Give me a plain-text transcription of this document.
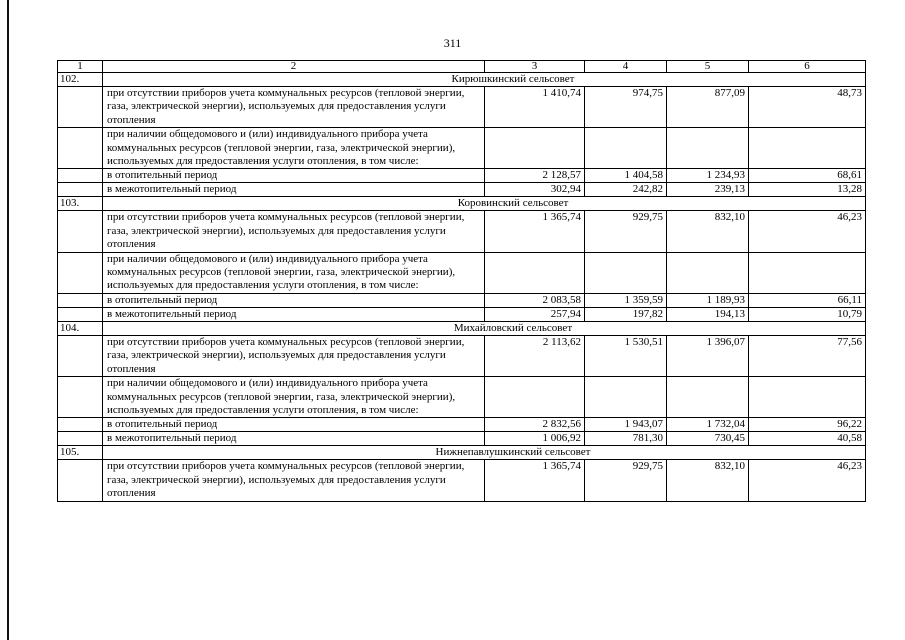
311
1	2	3	4	5	6
102.	Кирюшкинский сельсовет				
	при отсутствии приборов учета коммунальных ресурсов (тепловой энергии, газа, электрической энергии), используемых для предоставления услуги отопления	1 410,74	974,75	877,09	48,73
	при наличии общедомового и (или) индивидуального прибора учета коммунальных ресурсов (тепловой энергии, газа, электрической энергии), используемых для предоставления услуги отопления, в том числе:				
	в отопительный период	2 128,57	1 404,58	1 234,93	68,61
	в межотопительный период	302,94	242,82	239,13	13,28
103.	Коровинский сельсовет				
	при отсутствии приборов учета коммунальных ресурсов (тепловой энергии, газа, электрической энергии), используемых для предоставления услуги отопления	1 365,74	929,75	832,10	46,23
	при наличии общедомового и (или) индивидуального прибора учета коммунальных ресурсов (тепловой энергии, газа, электрической энергии), используемых для предоставления услуги отопления, в том числе:				
	в отопительный период	2 083,58	1 359,59	1 189,93	66,11
	в межотопительный период	257,94	197,82	194,13	10,79
104.	Михайловский сельсовет				
	при отсутствии приборов учета коммунальных ресурсов (тепловой энергии, газа, электрической энергии), используемых для предоставления услуги отопления	2 113,62	1 530,51	1 396,07	77,56
	при наличии общедомового и (или) индивидуального прибора учета коммунальных ресурсов (тепловой энергии, газа, электрической энергии), используемых для предоставления услуги отопления, в том числе:				
	в отопительный период	2 832,56	1 943,07	1 732,04	96,22
	в межотопительный период	1 006,92	781,30	730,45	40,58
105.	Нижнепавлушкинский сельсовет				
	при отсутствии приборов учета коммунальных ресурсов (тепловой энергии, газа, электрической энергии), используемых для предоставления услуги отопления	1 365,74	929,75	832,10	46,23
